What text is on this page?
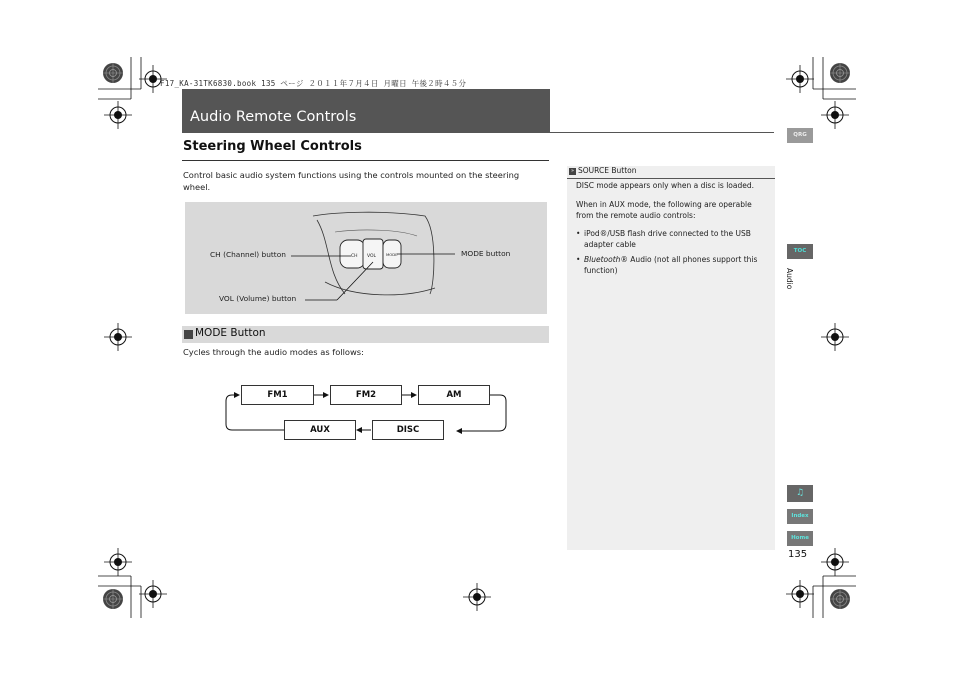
F17_KA-31TK6830.book 135 ページ ２０１１年７月４日 月曜日 午後２時４５分
Audio Remote Controls
Steering Wheel Controls
Control basic audio system functions using the controls mounted on the steering wheel.
CH VOL	MODE
CH (Channel) button	MODE button
VOL (Volume) button
MODE Button
Cycles through the audio modes as follows:
FM1	FM2	AM
DISC
AUX
» SOURCE Button
DISC mode appears only when a disc is loaded.
When in AUX mode, the following are operable from the remote audio controls:
• iPod®/USB flash drive connected to the USB adapter cable
• Bluetooth® Audio (not all phones support this function)
QRG
TOC
Audio
♫
Index
Home
135
